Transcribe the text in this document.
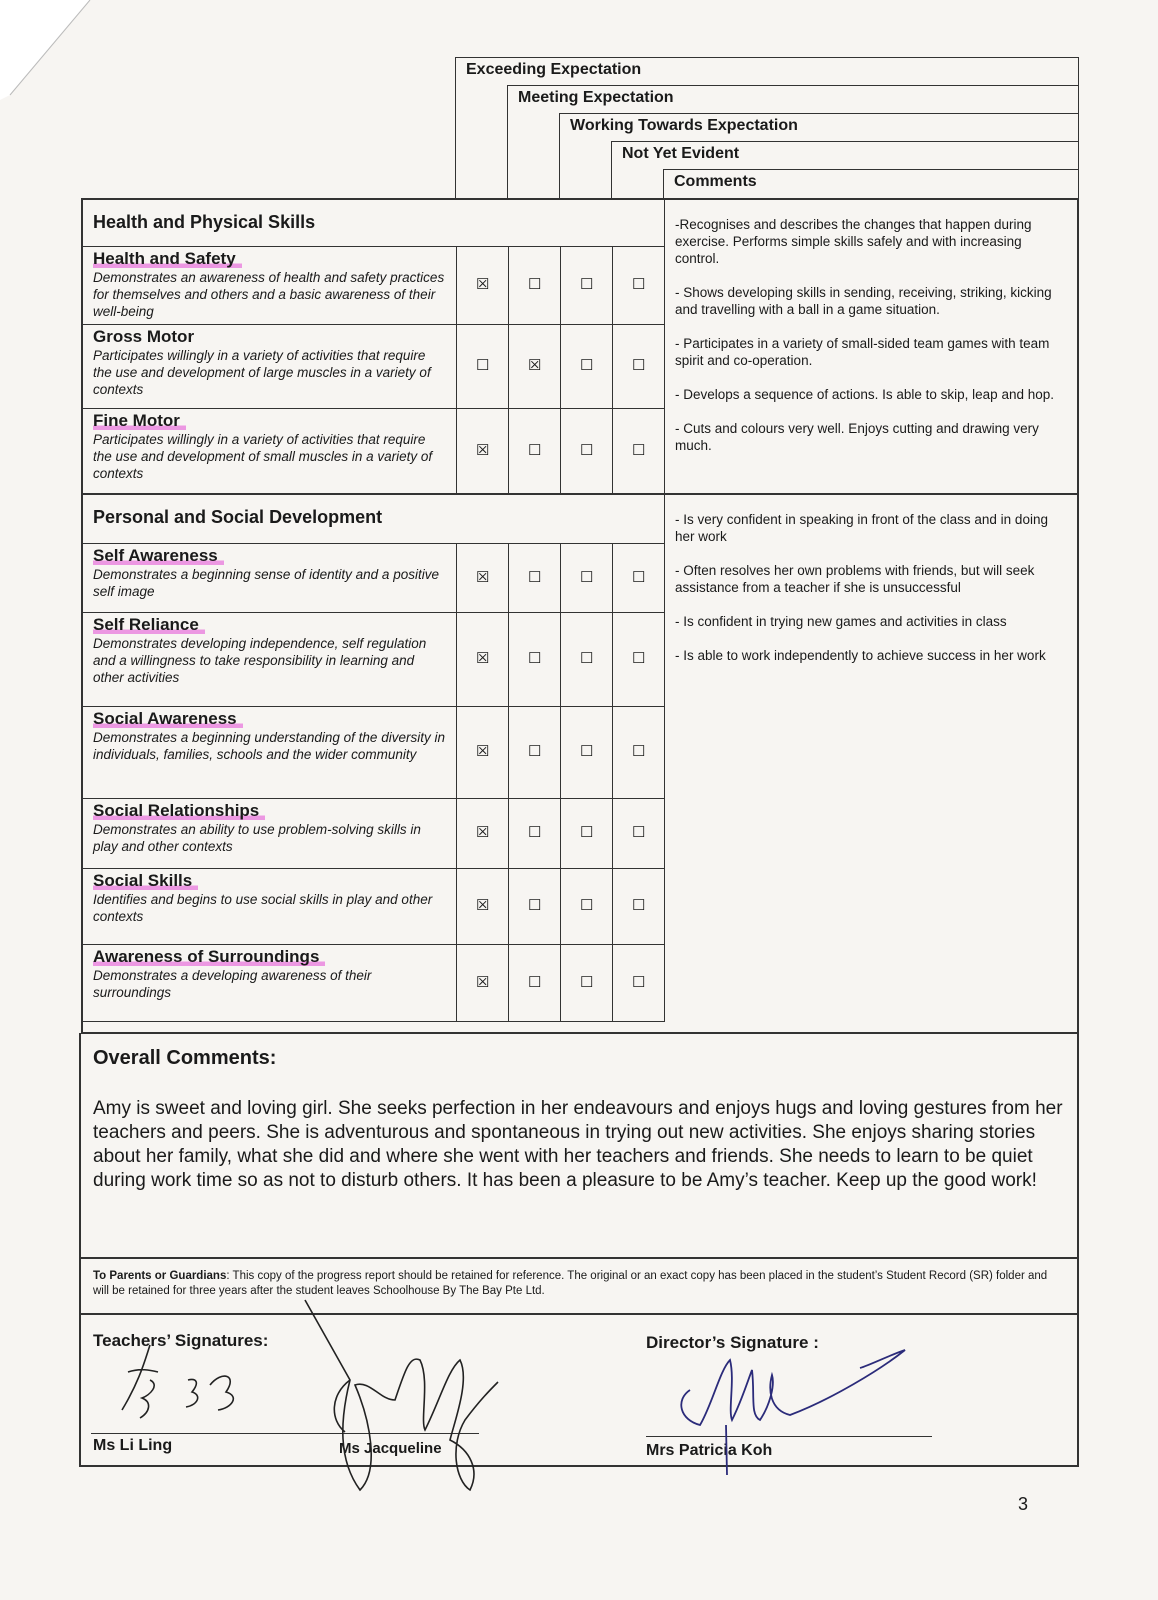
Exceeding Expectation
Meeting Expectation
Working Towards Expectation
Not Yet Evident
Comments
Health and Physical Skills
Health and Safety
Demonstrates an awareness of health and safety practices for themselves and others and a basic awareness of their well-being
☒	☐	☐	☐
Gross Motor
Participates willingly in a variety of activities that require the use and development of large muscles in a variety of contexts
☐	☒	☐	☐
Fine Motor
Participates willingly in a variety of activities that require the use and development of small muscles in a variety of contexts
☒	☐	☐	☐
-Recognises and describes the changes that happen during exercise. Performs simple skills safely and with increasing control.
- Shows developing skills in sending, receiving, striking, kicking and travelling with a ball in a game situation.
- Participates in a variety of small-sided team games with team spirit and co-operation.
- Develops a sequence of actions. Is able to skip, leap and hop.
- Cuts and colours very well. Enjoys cutting and drawing very much.
Personal and Social Development
Self Awareness
Demonstrates a beginning sense of identity and a positive self image
☒	☐	☐	☐
Self Reliance
Demonstrates developing independence, self regulation and a willingness to take responsibility in learning and other activities
☒	☐	☐	☐
Social Awareness
Demonstrates a beginning understanding of the diversity in individuals, families, schools and the wider community	☒	☐	☐	☐
Social Relationships
Demonstrates an ability to use problem-solving skills in play and other contexts
☒	☐	☐	☐
Social Skills
Identifies and begins to use social skills in play and other contexts
☒	☐	☐	☐
Awareness of Surroundings
Demonstrates a developing awareness of their surroundings
☒	☐	☐	☐
- Is very confident in speaking in front of the class and in doing her work
- Often resolves her own problems with friends, but will seek assistance from a teacher if she is unsuccessful
- Is confident in trying new games and activities in class
- Is able to work independently to achieve success in her work
Overall Comments:
Amy is sweet and loving girl. She seeks perfection in her endeavours and enjoys hugs and loving gestures from her teachers and peers. She is adventurous and spontaneous in trying out new activities. She enjoys sharing stories about her family, what she did and where she went with her teachers and friends. She needs to learn to be quiet during work time so as not to disturb others. It has been a pleasure to be Amy’s teacher. Keep up the good work!
To Parents or Guardians: This copy of the progress report should be retained for reference. The original or an exact copy has been placed in the student’s Student Record (SR) folder and will be retained for three years after the student leaves Schoolhouse By The Bay Pte Ltd.
Teachers’ Signatures:	Director’s Signature :
Ms Li Ling	Ms Jacqueline	Mrs Patricia Koh
3
